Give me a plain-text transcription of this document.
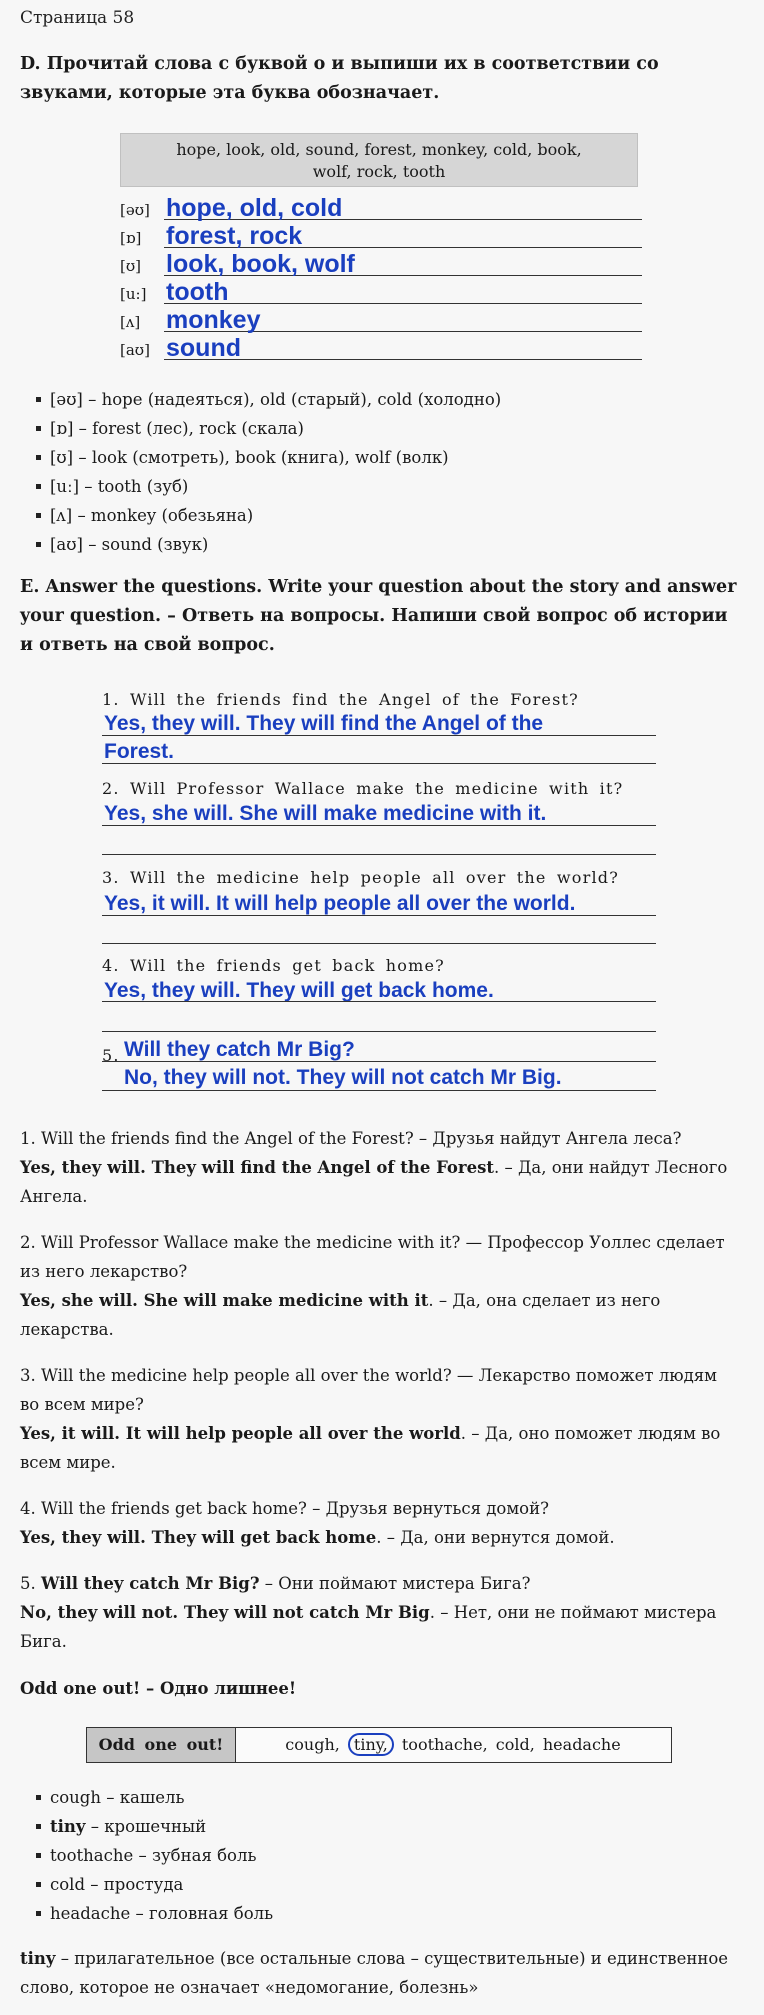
Страница 58
D. Прочитай слова с буквой o и выпиши их в соответствии со звуками, которые эта буква обозначает.
hope, look, old, sound, forest, monkey, cold, book,
wolf, rock, tooth
[əʊ] hope, old, cold
[ɒ] forest, rock
[ʊ] look, book, wolf
[u:] tooth
[ʌ] monkey
[aʊ] sound
[əʊ] – hope (надеяться), old (старый), cold (холодно)
[ɒ] – forest (лес), rock (скала)
[ʊ] – look (смотреть), book (книга), wolf (волк)
[uː] – tooth (зуб)
[ʌ] – monkey (обезьяна)
[aʊ] – sound (звук)
E. Answer the questions. Write your question about the story and answer your question. – Ответь на вопросы. Напиши свой вопрос об истории и ответь на свой вопрос.
1. Will the friends find the Angel of the Forest?
Yes, they will. They will find the Angel of the
Forest.
2. Will Professor Wallace make the medicine with it?
Yes, she will. She will make medicine with it.
3. Will the medicine help people all over the world?
Yes, it will. It will help people all over the world.
4. Will the friends get back home?
Yes, they will. They will get back home.
5. Will they catch Mr Big?
No, they will not. They will not catch Mr Big.
1. Will the friends find the Angel of the Forest? – Друзья найдут Ангела леса?
Yes, they will. They will find the Angel of the Forest. – Да, они найдут Лесного Ангела.
2. Will Professor Wallace make the medicine with it? — Профессор Уоллес сделает из него лекарство?
Yes, she will. She will make medicine with it. – Да, она сделает из него лекарства.
3. Will the medicine help people all over the world? — Лекарство поможет людям во всем мире?
Yes, it will. It will help people all over the world. – Да, оно поможет людям во всем мире.
4. Will the friends get back home? – Друзья вернуться домой?
Yes, they will. They will get back home. – Да, они вернутся домой.
5. Will they catch Mr Big? – Они поймают мистера Бига?
No, they will not. They will not catch Mr Big. – Нет, они не поймают мистера Бига.
Odd one out! – Одно лишнее!
Odd one out!	cough, tiny, toothache, cold, headache
cough – кашель
tiny – крошечный
toothache – зубная боль
cold – простуда
headache – головная боль
tiny – прилагательное (все остальные слова – существительные) и единственное слово, которое не означает «недомогание, болезнь»
